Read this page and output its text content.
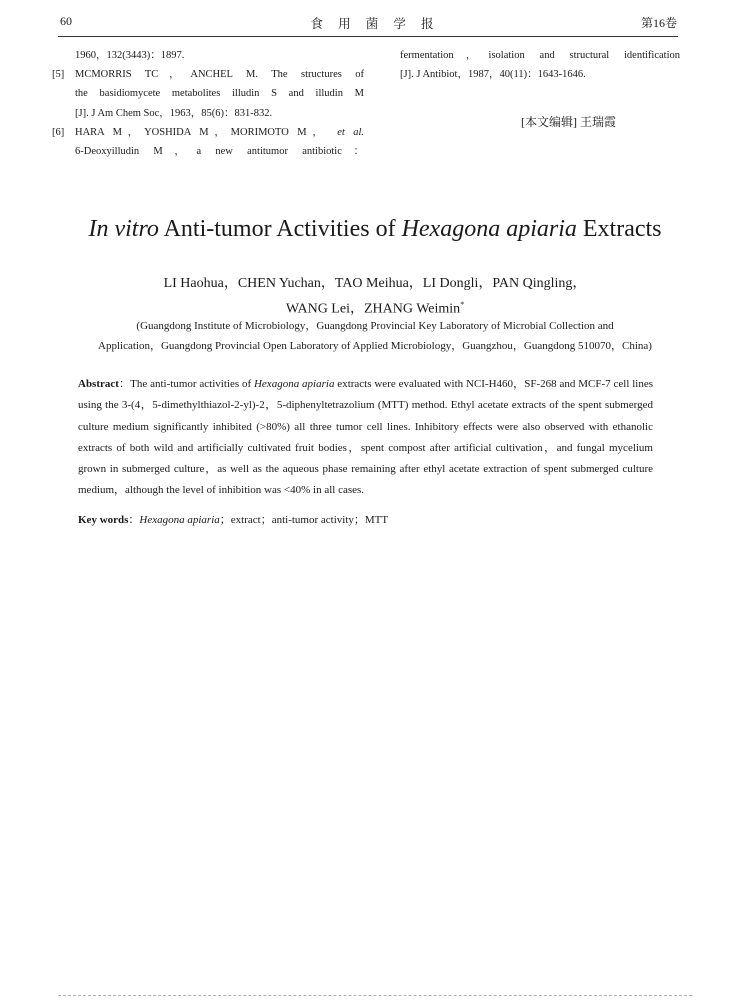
60	食 用 菌 学 报	第16卷
1960，132(3443)：1897.
[5] MCMORRIS TC，ANCHEL M. The structures of
the basidiomycete metabolites illudin S and illudin M
[J]. J Am Chem Soc，1963，85(6)：831-832.
[6] HARA M，YOSHIDA M，MORIMOTO M， et al.
6-Deoxyilludin M，a new antitumor antibiotic：
fermentation，isolation and structural identification
[J]. J Antibiot，1987，40(11)：1643-1646.
[本文编辑] 王瑞霞
In vitro Anti-tumor Activities of Hexagona apiaria Extracts
LI Haohua，CHEN Yuchan，TAO Meihua，LI Dongli，PAN Qingling，
WANG Lei，ZHANG Weimin*
(Guangdong Institute of Microbiology，Guangdong Provincial Key Laboratory of Microbial Collection and
Application，Guangdong Provincial Open Laboratory of Applied Microbiology，Guangzhou，Guangdong 510070，China)
Abstract：The anti-tumor activities of Hexagona apiaria extracts were evaluated with NCI-H460，SF-268 and MCF-7 cell lines using the 3-(4，5-dimethylthiazol-2-yl)-2，5-diphenyltetrazolium (MTT) method. Ethyl acetate extracts of the spent submerged culture medium significantly inhibited (>80%) all three tumor cell lines. Inhibitory effects were also observed with ethanolic extracts of both wild and artificially cultivated fruit bodies，spent compost after artificial cultivation，and fungal mycelium grown in submerged culture，as well as the aqueous phase remaining after ethyl acetate extraction of spent submerged culture medium，although the level of inhibition was <40% in all cases.
Key words：Hexagona apiaria；extract；anti-tumor activity；MTT
